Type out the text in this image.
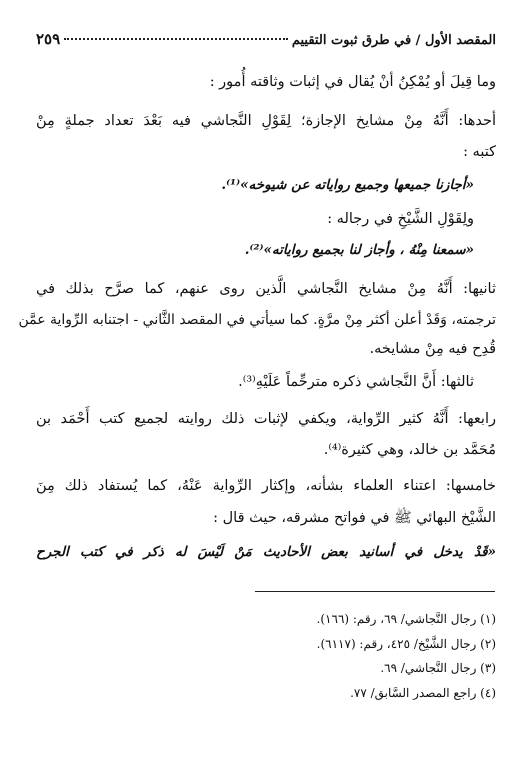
المقصد الأول / في طرق ثبوت التقييم
٢٥٩
وما قِيلَ أو يُمْكِنُ أنْ يُقال في إثبات وثاقته أُمور :
أحدها: أَنَّهُ مِنْ مشايخ الإجازة؛ لِقَوْلِ النَّجاشي فيه بَعْدَ تعداد جملةٍ مِنْ
كتبه :
«أجازنا جميعها وجميع رواياته عن شيوخه»⁽¹⁾.
ولِقَوْلِ الشَّيْخِ في رجاله :
«سمعنا مِنْهُ ، وأجاز لنا بجميع رواياته»⁽²⁾.
ثانيها: أَنَّهُ مِنْ مشايخ النَّجاشي الَّذين روى عنهم، كما صرَّح بذلك في
ترجمته، وَقَدْ أعلن أكثر مِنْ مرَّةٍ. كما سيأتي في المقصد الثَّاني - اجتنابه الرِّواية عمَّن
قُدِح فيه مِنْ مشايخه.
ثالثها: أَنَّ النَّجاشي ذكره مترحِّماً عَلَيْهِ⁽³⁾.
رابعها: أَنَّهُ كثير الرِّواية، ويكفي لإثبات ذلك روايته لجميع كتب أَحْمَد بن
مُحَمَّد بن خالد، وهي كثيرة⁽⁴⁾.
خامسها: اعتناء العلماء بشأنه، وإكثار الرِّواية عَنْهُ، كما يُستفاد ذلك مِنَ
الشَّيْخ البهائي ﷺ في فواتح مشرقه، حيث قال :
«قَدْ يدخل في أسانيد بعض الأحاديث مَنْ لَيْسَ له ذكر في كتب الجرح
(١) رجال النَّجاشي/ ٦٩، رقم: (١٦٦).
(٢) رجال الشَّيْخ/ ٤٢٥، رقم: (٦١١٧).
(٣) رجال النَّجاشي/ ٦٩.
(٤) راجع المصدر السَّابق/ ٧٧.
